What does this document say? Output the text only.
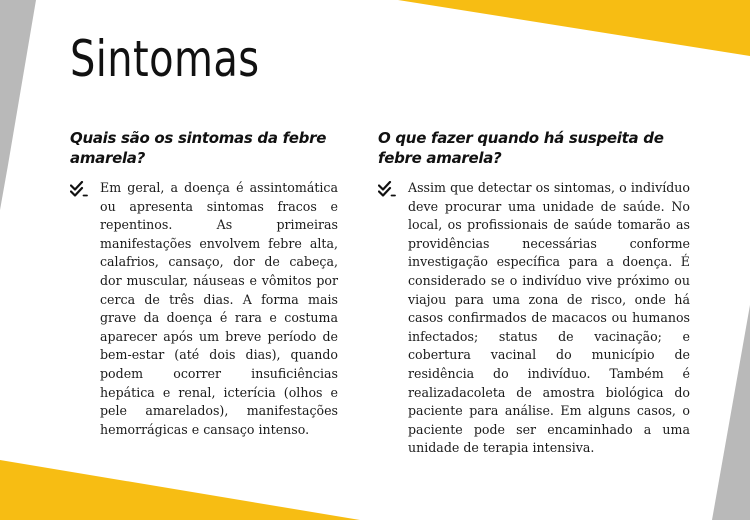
Sintomas
Quais são os sintomas da febre amarela?

Em geral, a doença é assintomática ou apresenta sintomas fracos e repentinos. As primeiras manifestações envolvem febre alta, calafrios, cansaço, dor de cabeça, dor muscular, náuseas e vômitos por cerca de três dias. A forma mais grave da doença é rara e costuma aparecer após um breve período de bem-estar (até dois dias), quando podem ocorrer insuficiências hepática e renal, icterícia (olhos e pele amarelados), manifestações hemorrágicas e cansaço intenso.

O que fazer quando há suspeita de febre amarela?

Assim que detectar os sintomas, o indivíduo deve procurar uma unidade de saúde. No local, os profissionais de saúde tomarão as providências necessárias conforme investigação específica para a doença. É considerado se o indivíduo vive próximo ou viajou para uma zona de risco, onde há casos confirmados de macacos ou humanos infectados; status de vacinação; e cobertura vacinal do município de residência do indivíduo. Também é realizadacoleta de amostra biológica do paciente para análise. Em alguns casos, o paciente pode ser encaminhado a uma unidade de terapia intensiva.
